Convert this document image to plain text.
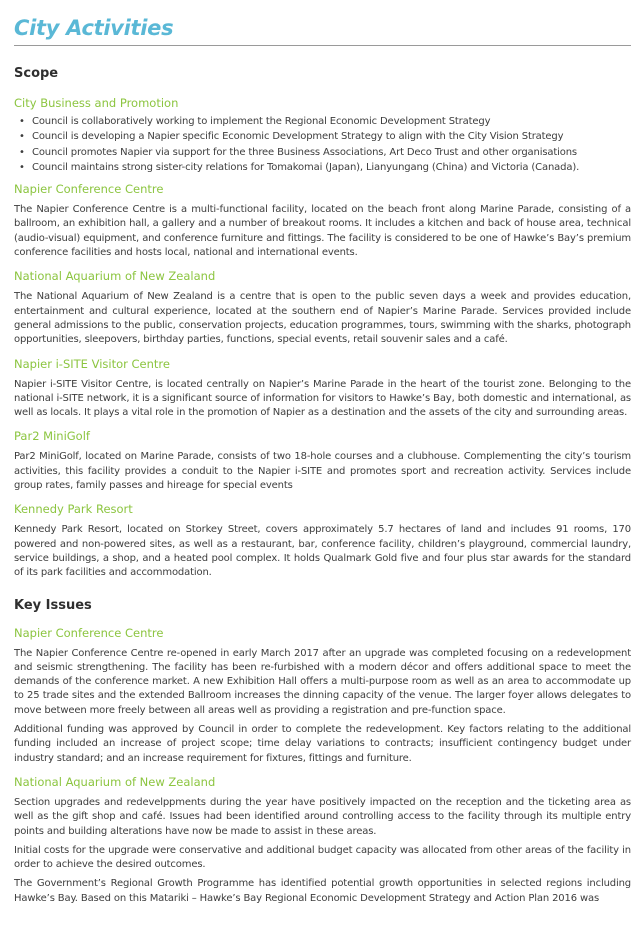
City Activities
Scope
City Business and Promotion
• Council is collaboratively working to implement the Regional Economic Development Strategy
• Council is developing a Napier specific Economic Development Strategy to align with the City Vision Strategy
• Council promotes Napier via support for the three Business Associations, Art Deco Trust and other organisations
• Council maintains strong sister-city relations for Tomakomai (Japan), Lianyungang (China) and Victoria (Canada).
Napier Conference Centre

The Napier Conference Centre is a multi-functional facility, located on the beach front along Marine Parade, consisting of a ballroom, an exhibition hall, a gallery and a number of breakout rooms. It includes a kitchen and back of house area, technical (audio-visual) equipment, and conference furniture and fittings. The facility is considered to be one of Hawke’s Bay’s premium conference facilities and hosts local, national and international events.

National Aquarium of New Zealand

The National Aquarium of New Zealand is a centre that is open to the public seven days a week and provides education, entertainment and cultural experience, located at the southern end of Napier’s Marine Parade. Services provided include general admissions to the public, conservation projects, education programmes, tours, swimming with the sharks, photograph opportunities, sleepovers, birthday parties, functions, special events, retail souvenir sales and a café.

Napier i-SITE Visitor Centre

Napier i-SITE Visitor Centre, is located centrally on Napier’s Marine Parade in the heart of the tourist zone. Belonging to the national i-SITE network, it is a significant source of information for visitors to Hawke’s Bay, both domestic and international, as well as locals. It plays a vital role in the promotion of Napier as a destination and the assets of the city and surrounding areas.

Par2 MiniGolf

Par2 MiniGolf, located on Marine Parade, consists of two 18-hole courses and a clubhouse. Complementing the city’s tourism activities, this facility provides a conduit to the Napier i-SITE and promotes sport and recreation activity. Services include group rates, family passes and hireage for special events

Kennedy Park Resort

Kennedy Park Resort, located on Storkey Street, covers approximately 5.7 hectares of land and includes 91 rooms, 170 powered and non-powered sites, as well as a restaurant, bar, conference facility, children’s playground, commercial laundry, service buildings, a shop, and a heated pool complex. It holds Qualmark Gold five and four plus star awards for the standard of its park facilities and accommodation.

Key Issues
Napier Conference Centre

The Napier Conference Centre re-opened in early March 2017 after an upgrade was completed focusing on a redevelopment and seismic strengthening. The facility has been re-furbished with a modern décor and offers additional space to meet the demands of the conference market. A new Exhibition Hall offers a multi-purpose room as well as an area to accommodate up to 25 trade sites and the extended Ballroom increases the dinning capacity of the venue. The larger foyer allows delegates to move between more freely between all areas well as providing a registration and pre-function space.

Additional funding was approved by Council in order to complete the redevelopment. Key factors relating to the additional funding included an increase of project scope; time delay variations to contracts; insufficient contingency budget under industry standard; and an increase requirement for fixtures, fittings and furniture.

National Aquarium of New Zealand

Section upgrades and redevelppments during the year have positively impacted on the reception and the ticketing area as well as the gift shop and café. Issues had been identified around controlling access to the facility through its multiple entry points and building alterations have now be made to assist in these areas.

Initial costs for the upgrade were conservative and additional budget capacity was allocated from other areas of the facility in order to achieve the desired outcomes.

The Government’s Regional Growth Programme has identified potential growth opportunities in selected regions including Hawke’s Bay. Based on this Matariki – Hawke’s Bay Regional Economic Development Strategy and Action Plan 2016 was
